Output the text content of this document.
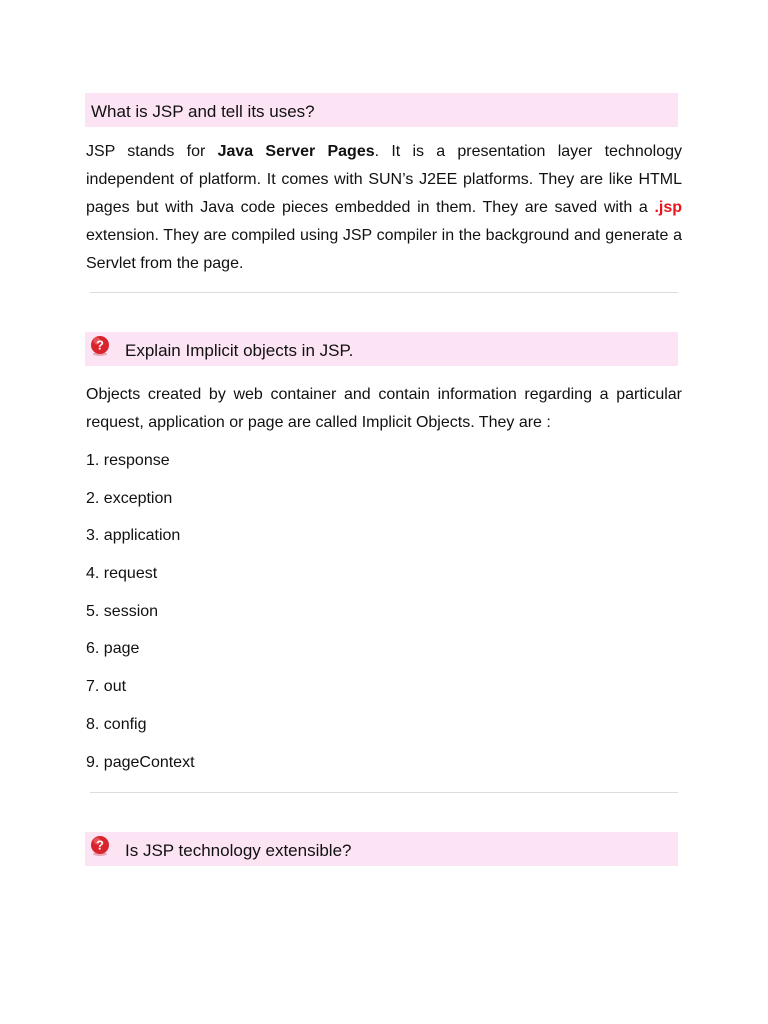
What is JSP and tell its uses?

JSP stands for Java Server Pages. It is a presentation layer technology independent of platform. It comes with SUN’s J2EE platforms. They are like HTML pages but with Java code pieces embedded in them. They are saved with a .jsp extension. They are compiled using JSP compiler in the background and generate a Servlet from the page.

? Explain Implicit objects in JSP.

Objects created by web container and contain information regarding a particular request, application or page are called Implicit Objects. They are :

1. response
2. exception
3. application
4. request
5. session
6. page
7. out
8. config
9. pageContext
? Is JSP technology extensible?
